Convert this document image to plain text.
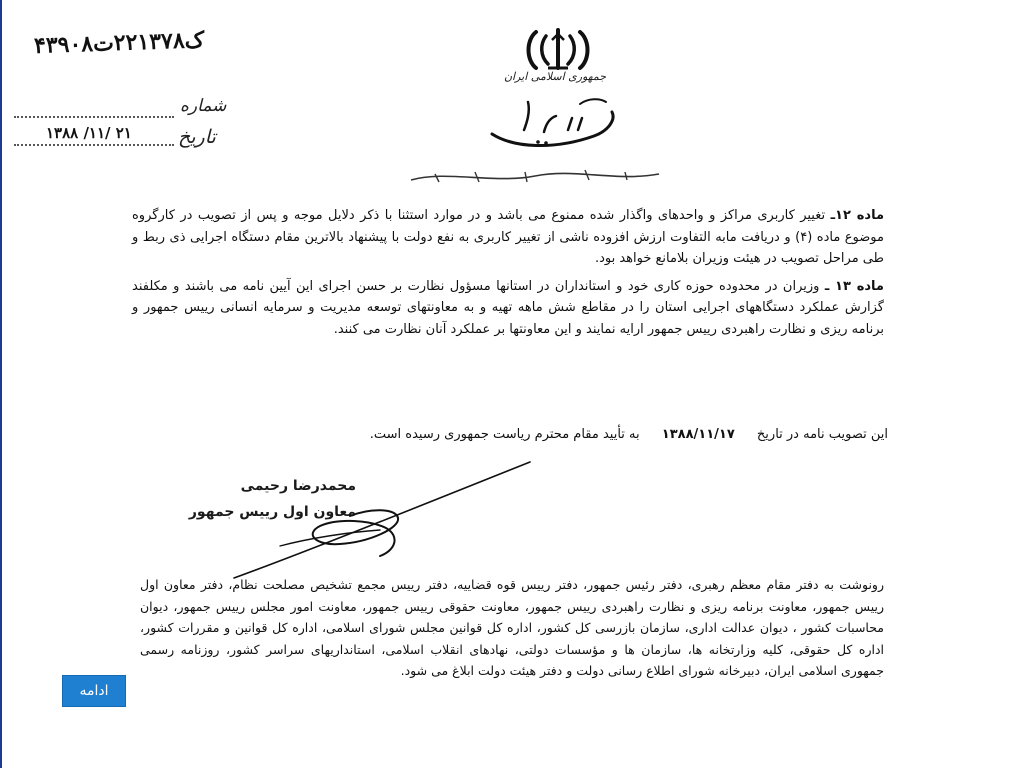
۴۳۹۰۸ک۲۲۱۳۷۸ت
جمهوری اسلامی ایران
شماره
تاریخ
۱۳۸۸ /۱۱/ ۲۱

ماده ۱۲ـ تغییر کاربری مراکز و واحدهای واگذار شده ممنوع می باشد و در موارد استثنا با ذکر دلایل موجه و پس از تصویب در کارگروه موضوع ماده (۴) و دریافت مابه التفاوت ارزش افزوده ناشی از تغییر کاربری به نفع دولت با پیشنهاد بالاترین مقام دستگاه اجرایی ذی ربط و طی مراحل تصویب در هیئت وزیران بلامانع خواهد بود.

ماده ۱۳ ـ وزیران در محدوده حوزه کاری خود و استانداران در استانها مسؤول نظارت بر حسن اجرای این آیین نامه می باشند و مکلفند گزارش عملکرد دستگاههای اجرایی استان را در مقاطع شش ماهه تهیه و به معاونتهای توسعه مدیریت و سرمایه انسانی رییس جمهور و برنامه ریزی و نظارت راهبردی رییس جمهور ارایه نمایند و این معاونتها بر عملکرد آنان نظارت می کنند.

این تصویب نامه در تاریخ ۱۳۸۸/۱۱/۱۷ به تأیید مقام محترم ریاست جمهوری رسیده است.
محمدرضا رحیمی
معاون اول رییس جمهور
رونوشت به دفتر مقام معظم رهبری، دفتر رئیس جمهور، دفتر رییس قوه قضاییه، دفتر رییس مجمع تشخیص مصلحت نظام، دفتر معاون اول رییس جمهور، معاونت برنامه ریزی و نظارت راهبردی رییس جمهور، معاونت حقوقی رییس جمهور، معاونت امور مجلس رییس جمهور، دیوان محاسبات کشور ، دیوان عدالت اداری، سازمان بازرسی کل کشور، اداره کل قوانین مجلس شورای اسلامی، اداره کل قوانین و مقررات کشور، اداره کل حقوقی، کلیه وزارتخانه ها، سازمان ها و مؤسسات دولتی، نهادهای انقلاب اسلامی، استانداریهای سراسر کشور، روزنامه رسمی جمهوری اسلامی ایران، دبیرخانه شورای اطلاع رسانی دولت و دفتر هیئت دولت ابلاغ می شود.
ادامه
